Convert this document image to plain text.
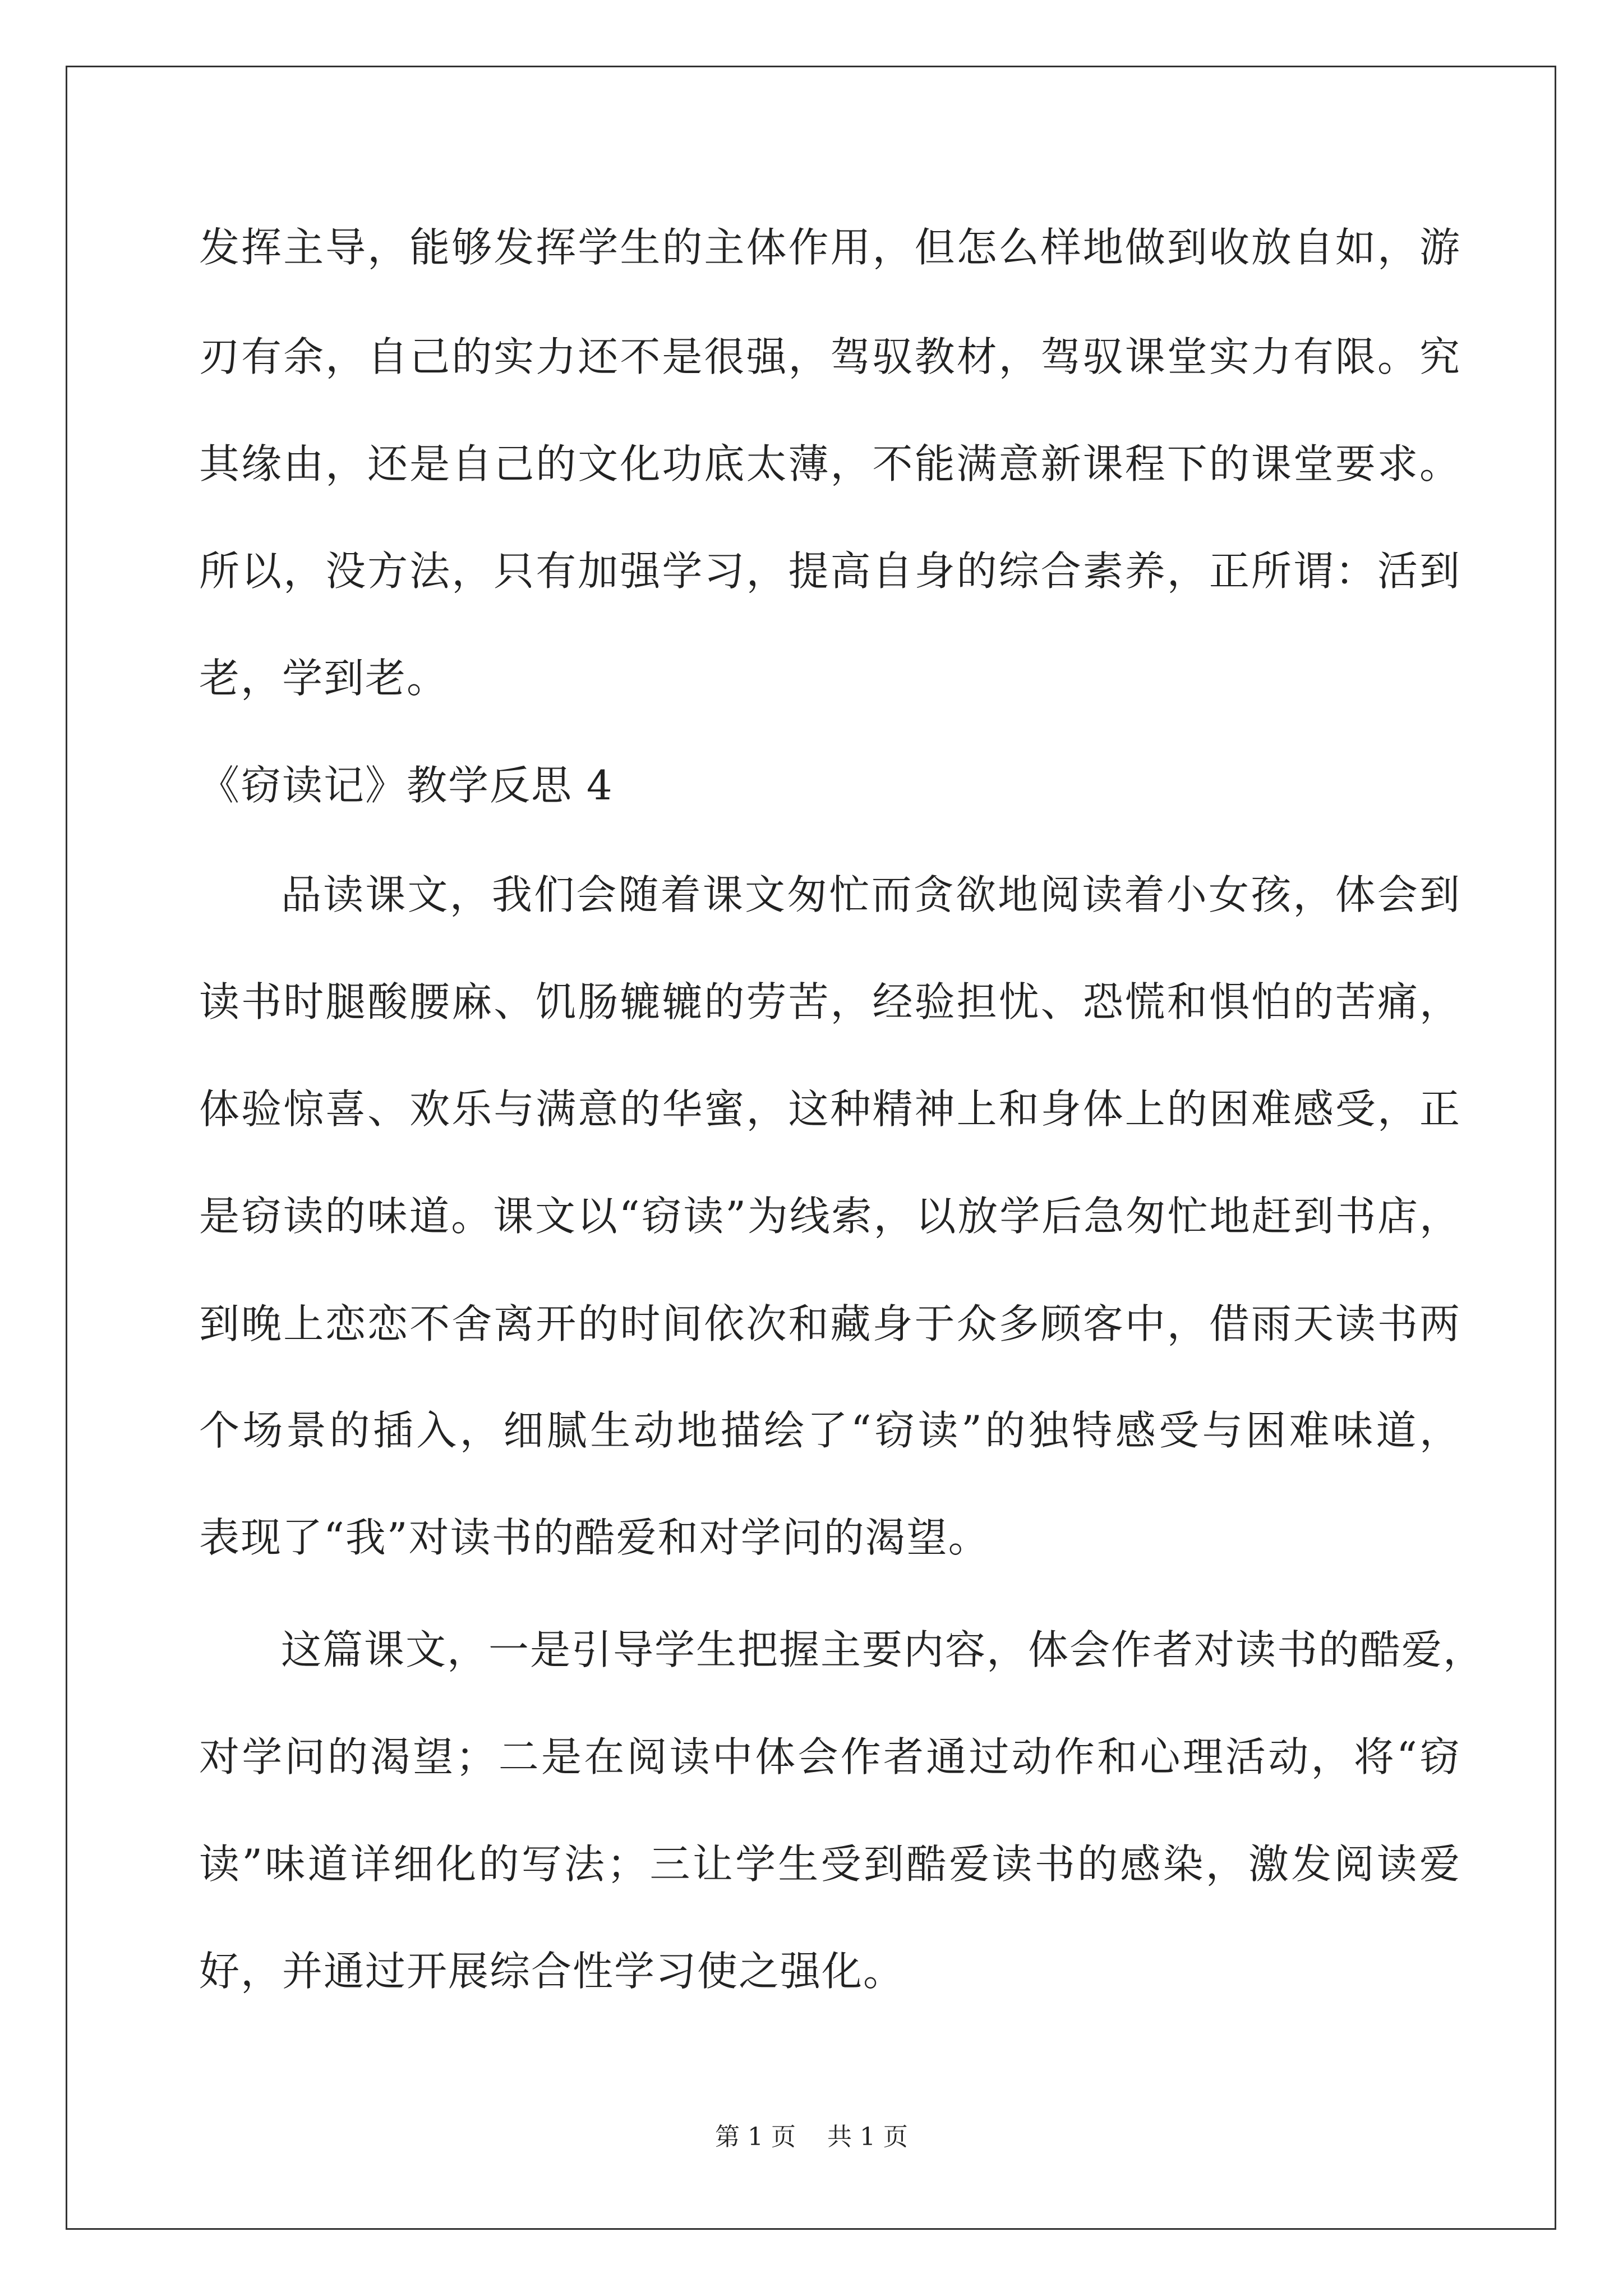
发挥主导，能够发挥学生的主体作用，但怎么样地做到收放自如，游
刃有余，自己的实力还不是很强，驾驭教材，驾驭课堂实力有限。究
其缘由，还是自己的文化功底太薄，不能满意新课程下的课堂要求。
所以，没方法，只有加强学习，提高自身的综合素养，正所谓：活到
老，学到老。
《窃读记》教学反思 4
品读课文，我们会随着课文匆忙而贪欲地阅读着小女孩，体会到
读书时腿酸腰麻、饥肠辘辘的劳苦，经验担忧、恐慌和惧怕的苦痛，
体验惊喜、欢乐与满意的华蜜，这种精神上和身体上的困难感受，正
是窃读的味道。课文以“窃读”为线索，以放学后急匆忙地赶到书店，
到晚上恋恋不舍离开的时间依次和藏身于众多顾客中，借雨天读书两
个场景的插入，细腻生动地描绘了“窃读”的独特感受与困难味道，
表现了“我”对读书的酷爱和对学问的渴望。
这篇课文，一是引导学生把握主要内容，体会作者对读书的酷爱，
对学问的渴望；二是在阅读中体会作者通过动作和心理活动，将“窃
读”味道详细化的写法；三让学生受到酷爱读书的感染，激发阅读爱
好，并通过开展综合性学习使之强化。
第 1 页 共 1 页
